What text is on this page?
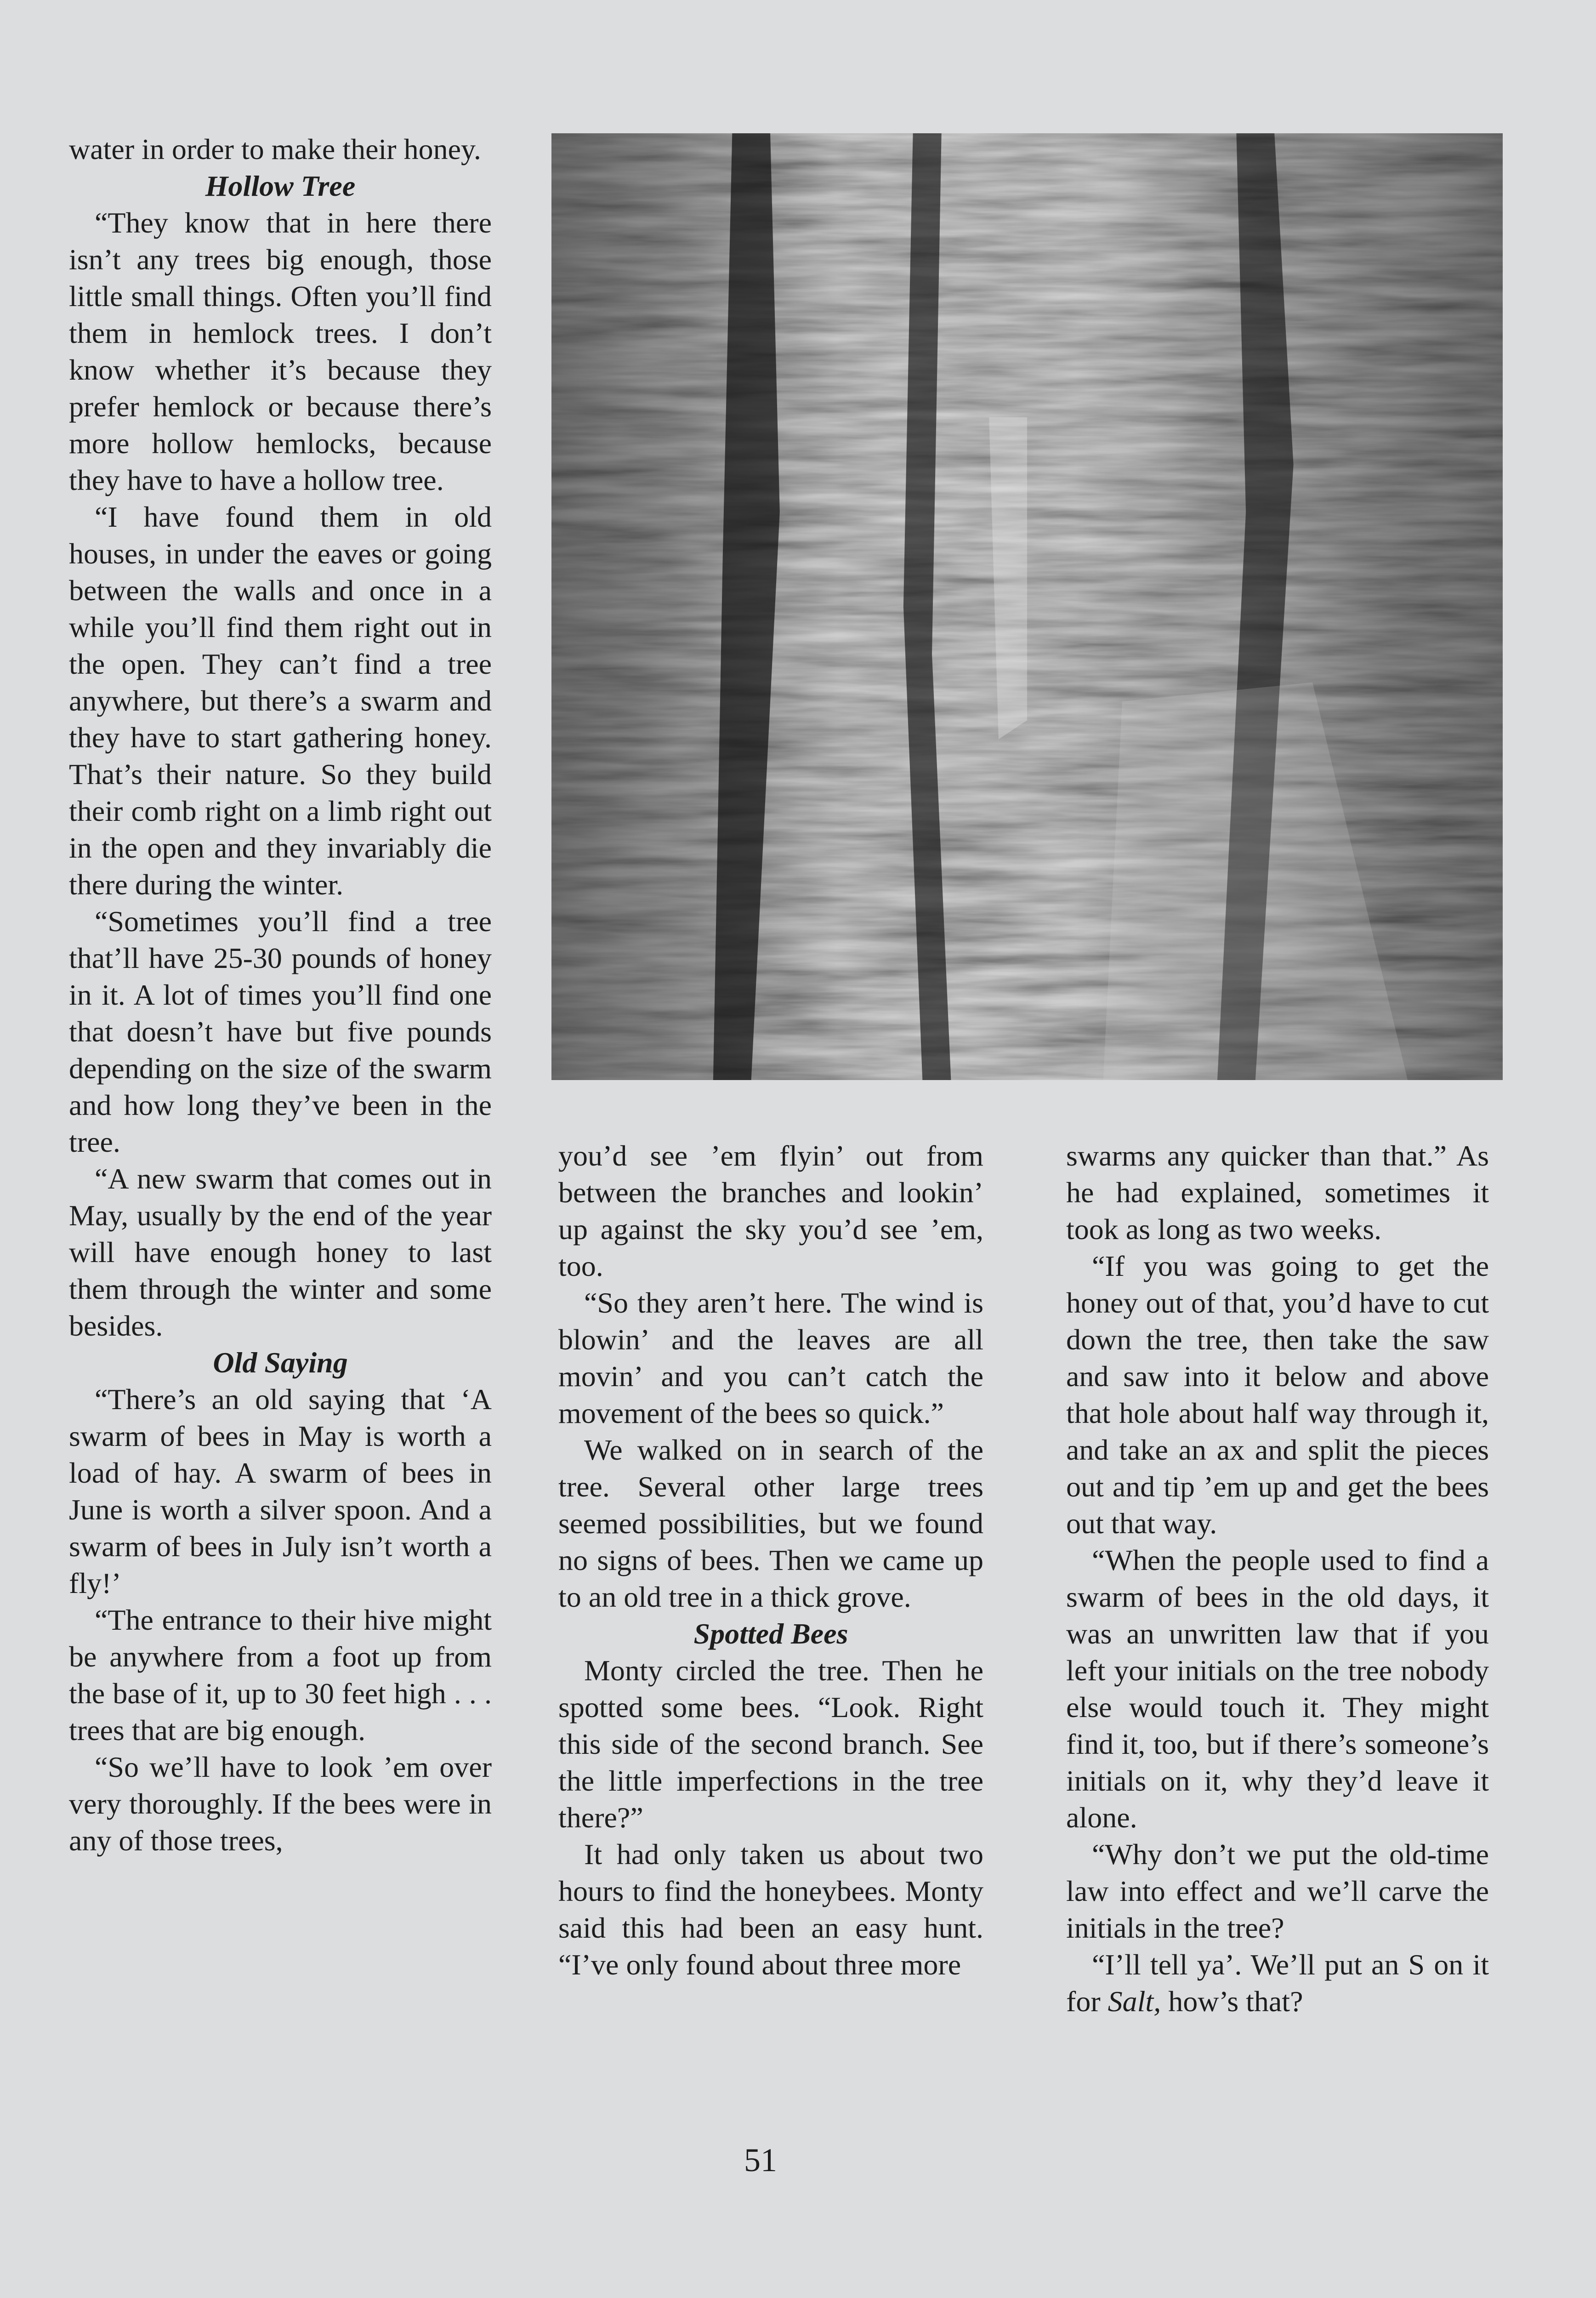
water in order to make their honey.

Hollow Tree

“They know that in here there isn’t any trees big enough, those little small things. Often you’ll find them in hemlock trees. I don’t know whether it’s because they prefer hemlock or because there’s more hollow hemlocks, because they have to have a hollow tree.

“I have found them in old houses, in under the eaves or going between the walls and once in a while you’ll find them right out in the open. They can’t find a tree anywhere, but there’s a swarm and they have to start gathering honey. That’s their nature. So they build their comb right on a limb right out in the open and they invariably die there during the winter.

“Sometimes you’ll find a tree that’ll have 25-30 pounds of honey in it. A lot of times you’ll find one that doesn’t have but five pounds depending on the size of the swarm and how long they’ve been in the tree.

“A new swarm that comes out in May, usually by the end of the year will have enough honey to last them through the winter and some besides.

Old Saying

“There’s an old saying that ‘A swarm of bees in May is worth a load of hay. A swarm of bees in June is worth a silver spoon. And a swarm of bees in July isn’t worth a fly!’

“The entrance to their hive might be anywhere from a foot up from the base of it, up to 30 feet high . . . trees that are big enough.

“So we’ll have to look ’em over very thoroughly. If the bees were in any of those trees,

you’d see ’em flyin’ out from between the branches and lookin’ up against the sky you’d see ’em, too.

“So they aren’t here. The wind is blowin’ and the leaves are all movin’ and you can’t catch the movement of the bees so quick.”

We walked on in search of the tree. Several other large trees seemed possibilities, but we found no signs of bees. Then we came up to an old tree in a thick grove.

Spotted Bees

Monty circled the tree. Then he spotted some bees. “Look. Right this side of the second branch. See the little imperfections in the tree there?”

It had only taken us about two hours to find the honeybees. Monty said this had been an easy hunt. “I’ve only found about three more

swarms any quicker than that.” As he had explained, sometimes it took as long as two weeks.

“If you was going to get the honey out of that, you’d have to cut down the tree, then take the saw and saw into it below and above that hole about half way through it, and take an ax and split the pieces out and tip ’em up and get the bees out that way.

“When the people used to find a swarm of bees in the old days, it was an unwritten law that if you left your initials on the tree nobody else would touch it. They might find it, too, but if there’s someone’s initials on it, why they’d leave it alone.

“Why don’t we put the old-time law into effect and we’ll carve the initials in the tree?

“I’ll tell ya’. We’ll put an S on it for Salt, how’s that?

51
